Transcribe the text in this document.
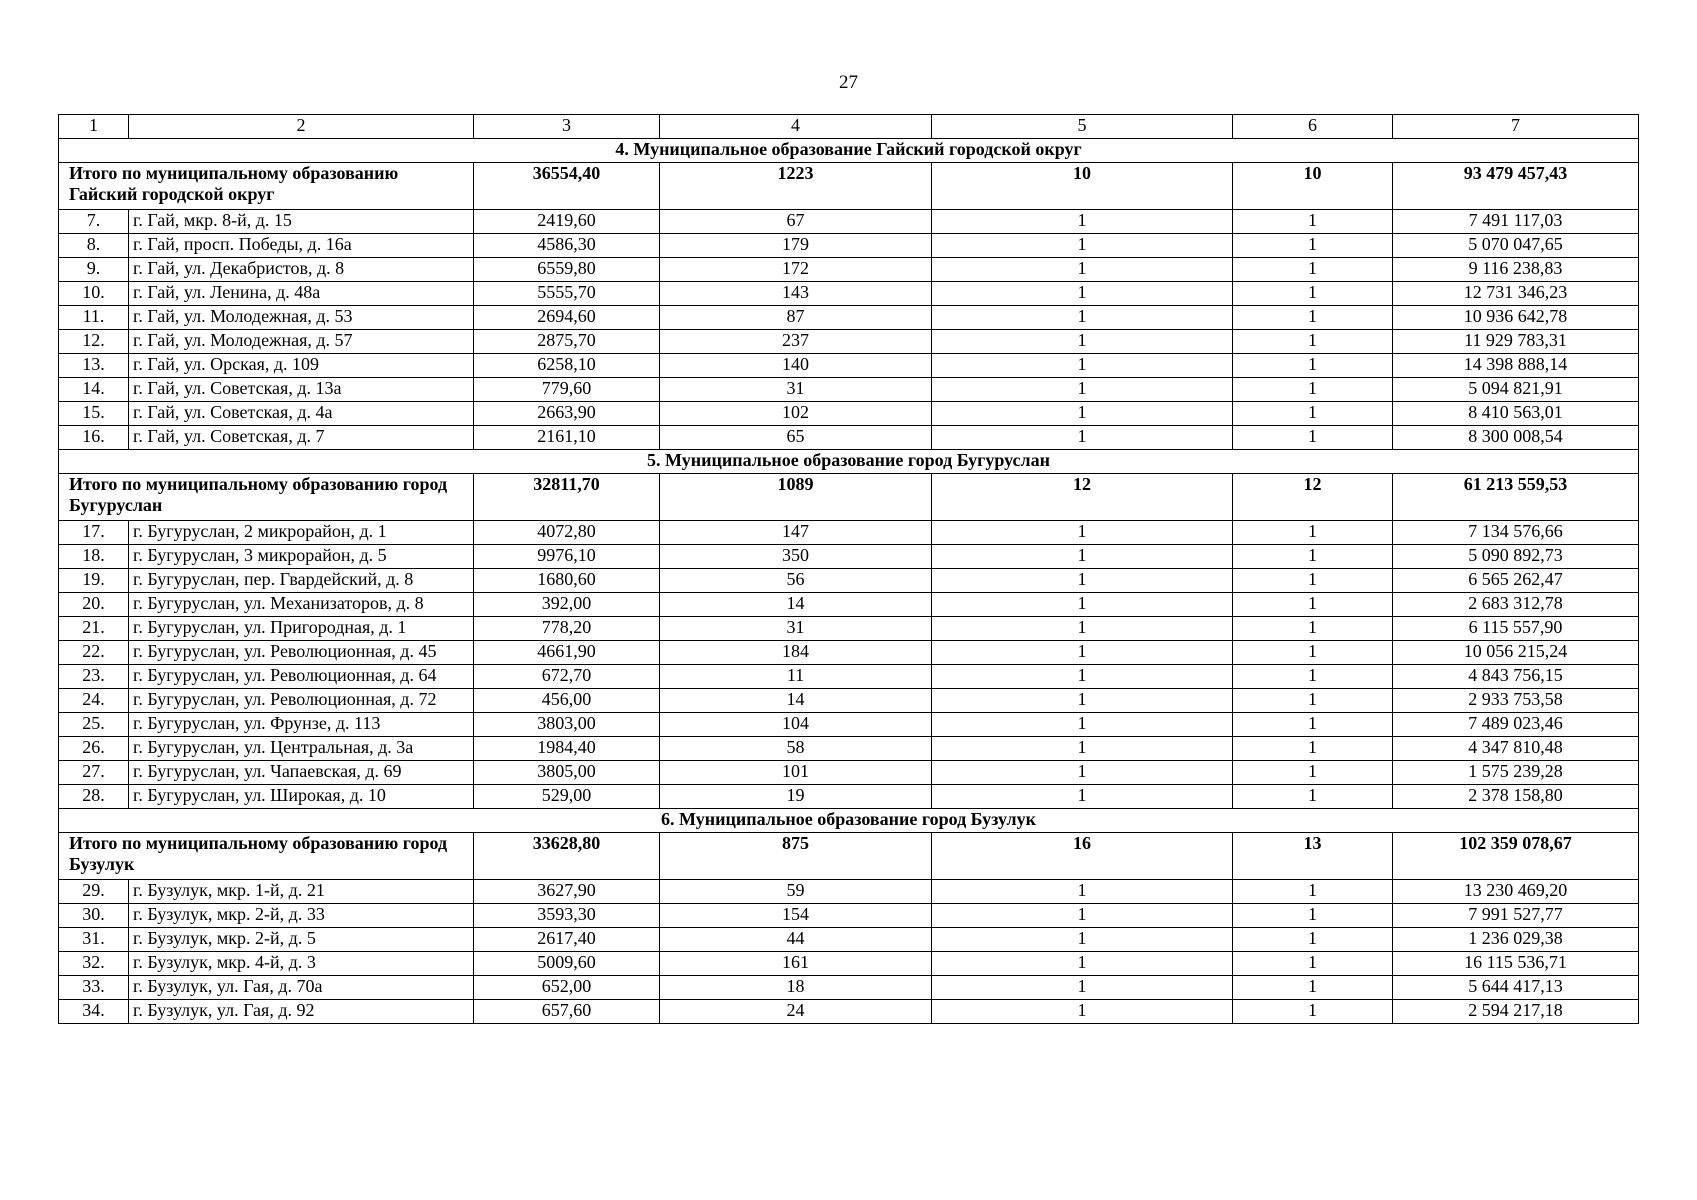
27
1	2	3	4	5	6	7
4. Муниципальное образование Гайский городской округ						
Итого по муниципальному образованию Гайский городской округ		36554,40	1223	10	10	93 479 457,43
7.	г. Гай, мкр. 8-й, д. 15	2419,60	67	1	1	7 491 117,03
8.	г. Гай, просп. Победы, д. 16а	4586,30	179	1	1	5 070 047,65
9.	г. Гай, ул. Декабристов, д. 8	6559,80	172	1	1	9 116 238,83
10.	г. Гай, ул. Ленина, д. 48а	5555,70	143	1	1	12 731 346,23
11.	г. Гай, ул. Молодежная, д. 53	2694,60	87	1	1	10 936 642,78
12.	г. Гай, ул. Молодежная, д. 57	2875,70	237	1	1	11 929 783,31
13.	г. Гай, ул. Орская, д. 109	6258,10	140	1	1	14 398 888,14
14.	г. Гай, ул. Советская, д. 13а	779,60	31	1	1	5 094 821,91
15.	г. Гай, ул. Советская, д. 4а	2663,90	102	1	1	8 410 563,01
16.	г. Гай, ул. Советская, д. 7	2161,10	65	1	1	8 300 008,54
5. Муниципальное образование город Бугуруслан						
Итого по муниципальному образованию город Бугуруслан		32811,70	1089	12	12	61 213 559,53
17.	г. Бугуруслан, 2 микрорайон, д. 1	4072,80	147	1	1	7 134 576,66
18.	г. Бугуруслан, 3 микрорайон, д. 5	9976,10	350	1	1	5 090 892,73
19.	г. Бугуруслан, пер. Гвардейский, д. 8	1680,60	56	1	1	6 565 262,47
20.	г. Бугуруслан, ул. Механизаторов, д. 8	392,00	14	1	1	2 683 312,78
21.	г. Бугуруслан, ул. Пригородная, д. 1	778,20	31	1	1	6 115 557,90
22.	г. Бугуруслан, ул. Революционная, д. 45	4661,90	184	1	1	10 056 215,24
23.	г. Бугуруслан, ул. Революционная, д. 64	672,70	11	1	1	4 843 756,15
24.	г. Бугуруслан, ул. Революционная, д. 72	456,00	14	1	1	2 933 753,58
25.	г. Бугуруслан, ул. Фрунзе, д. 113	3803,00	104	1	1	7 489 023,46
26.	г. Бугуруслан, ул. Центральная, д. 3а	1984,40	58	1	1	4 347 810,48
27.	г. Бугуруслан, ул. Чапаевская, д. 69	3805,00	101	1	1	1 575 239,28
28.	г. Бугуруслан, ул. Широкая, д. 10	529,00	19	1	1	2 378 158,80
6. Муниципальное образование город Бузулук						
Итого по муниципальному образованию город Бузулук		33628,80	875	16	13	102 359 078,67
29.	г. Бузулук, мкр. 1-й, д. 21	3627,90	59	1	1	13 230 469,20
30.	г. Бузулук, мкр. 2-й, д. 33	3593,30	154	1	1	7 991 527,77
31.	г. Бузулук, мкр. 2-й, д. 5	2617,40	44	1	1	1 236 029,38
32.	г. Бузулук, мкр. 4-й, д. 3	5009,60	161	1	1	16 115 536,71
33.	г. Бузулук, ул. Гая, д. 70а	652,00	18	1	1	5 644 417,13
34.	г. Бузулук, ул. Гая, д. 92	657,60	24	1	1	2 594 217,18
